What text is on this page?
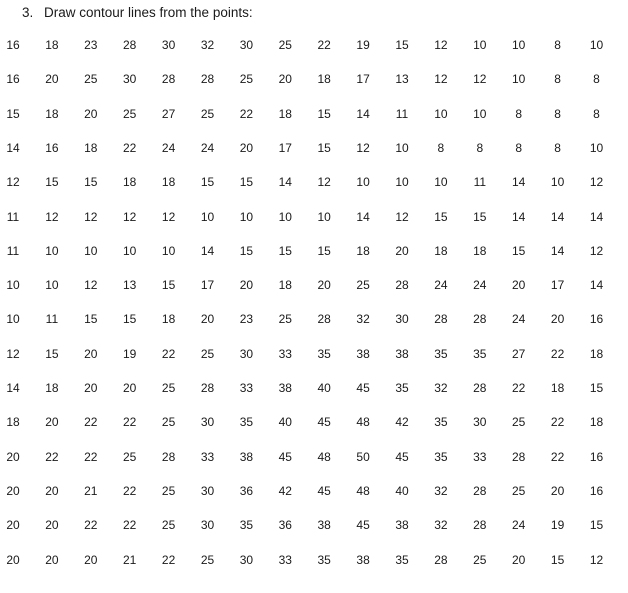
3. Draw contour lines from the points:
16	18	23	28	30	32	30	25	22	19	15	12	10	10	8	10
16	20	25	30	28	28	25	20	18	17	13	12	12	10	8	8
15	18	20	25	27	25	22	18	15	14	11	10	10	8	8	8
14	16	18	22	24	24	20	17	15	12	10	8	8	8	8	10
12	15	15	18	18	15	15	14	12	10	10	10	11	14	10	12
11	12	12	12	12	10	10	10	10	14	12	15	15	14	14	14
11	10	10	10	10	14	15	15	15	18	20	18	18	15	14	12
10	10	12	13	15	17	20	18	20	25	28	24	24	20	17	14
10	11	15	15	18	20	23	25	28	32	30	28	28	24	20	16
12	15	20	19	22	25	30	33	35	38	38	35	35	27	22	18
14	18	20	20	25	28	33	38	40	45	35	32	28	22	18	15
18	20	22	22	25	30	35	40	45	48	42	35	30	25	22	18
20	22	22	25	28	33	38	45	48	50	45	35	33	28	22	16
20	20	21	22	25	30	36	42	45	48	40	32	28	25	20	16
20	20	22	22	25	30	35	36	38	45	38	32	28	24	19	15
20	20	20	21	22	25	30	33	35	38	35	28	25	20	15	12
